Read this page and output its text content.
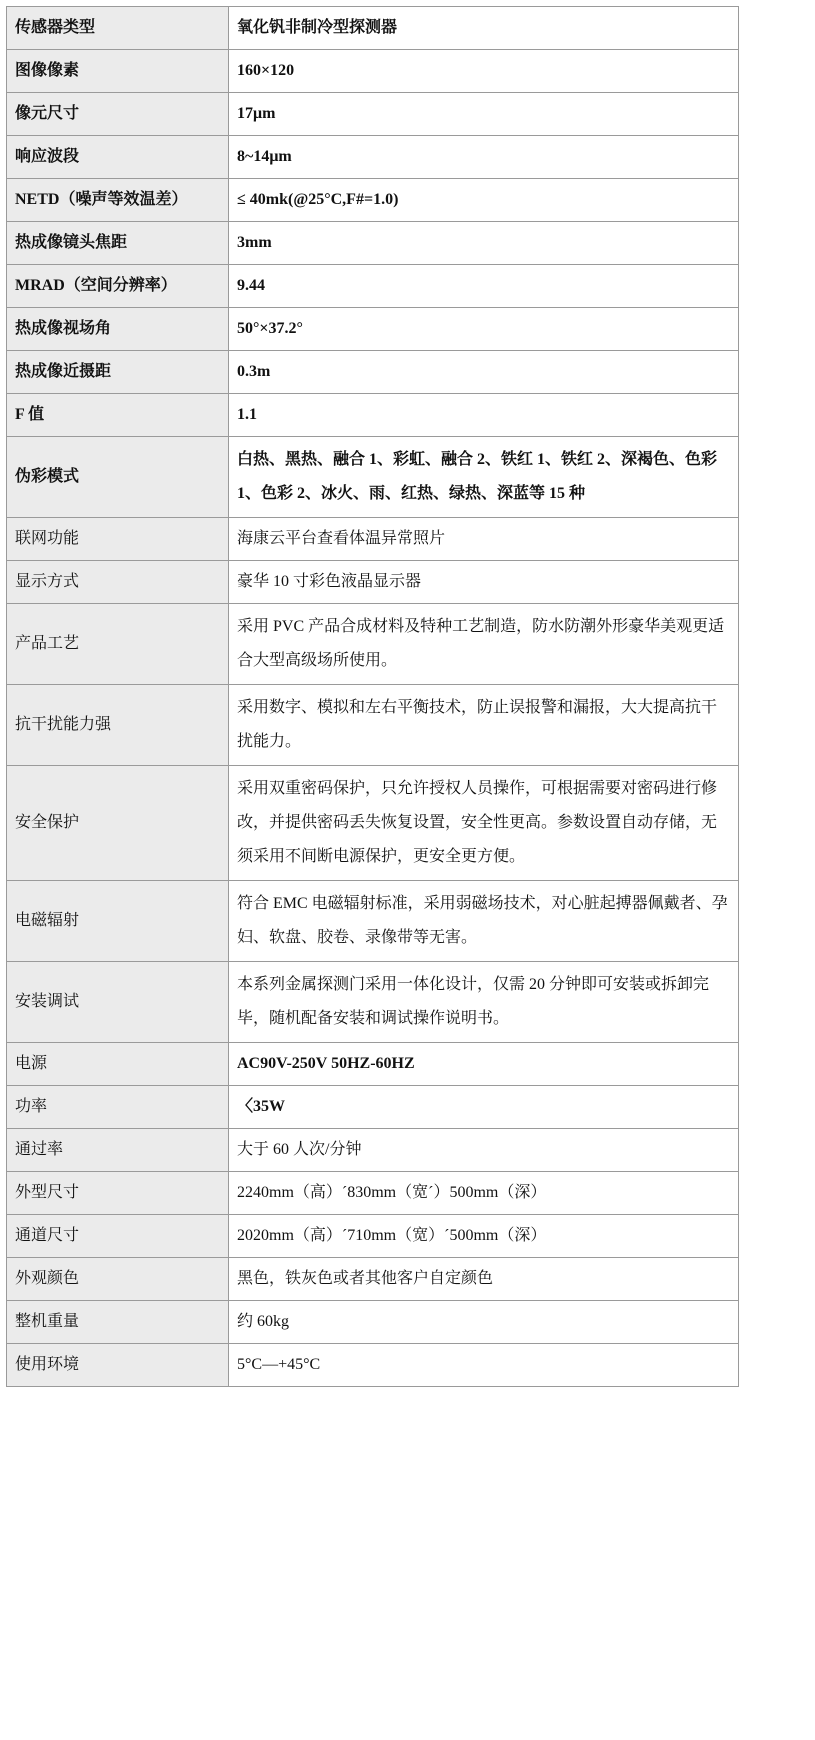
传感器类型	氧化钒非制冷型探测器
图像像素	160×120
像元尺寸	17μm
响应波段	8~14μm
NETD（噪声等效温差）	≤ 40mk(@25°C,F#=1.0)
热成像镜头焦距	3mm
MRAD（空间分辨率）	9.44
热成像视场角	50°×37.2°
热成像近摄距	0.3m
F 值	1.1
伪彩模式	白热、黑热、融合 1、彩虹、融合 2、铁红 1、铁红 2、深褐色、色彩 1、色彩 2、冰火、雨、红热、绿热、深蓝等 15 种
联网功能	海康云平台查看体温异常照片
显示方式	豪华 10 寸彩色液晶显示器
产品工艺	采用 PVC 产品合成材料及特种工艺制造，防水防潮外形豪华美观更适合大型高级场所使用。
抗干扰能力强	采用数字、模拟和左右平衡技术，防止误报警和漏报，大大提高抗干扰能力。
安全保护	采用双重密码保护，只允许授权人员操作，可根据需要对密码进行修改，并提供密码丢失恢复设置，安全性更高。参数设置自动存储，无须采用不间断电源保护，更安全更方便。
电磁辐射	符合 EMC 电磁辐射标准，采用弱磁场技术，对心脏起搏器佩戴者、孕妇、软盘、胶卷、录像带等无害。
安装调试	本系列金属探测门采用一体化设计，仅需 20 分钟即可安装或拆卸完毕，随机配备安装和调试操作说明书。
电源	AC90V-250V 50HZ-60HZ
功率	〈35W
通过率	大于 60 人次/分钟
外型尺寸	2240mm（高）´830mm（宽´）500mm（深）
通道尺寸	2020mm（高）´710mm（宽）´500mm（深）
外观颜色	黑色，铁灰色或者其他客户自定颜色
整机重量	约 60kg
使用环境	5°C—+45°C
